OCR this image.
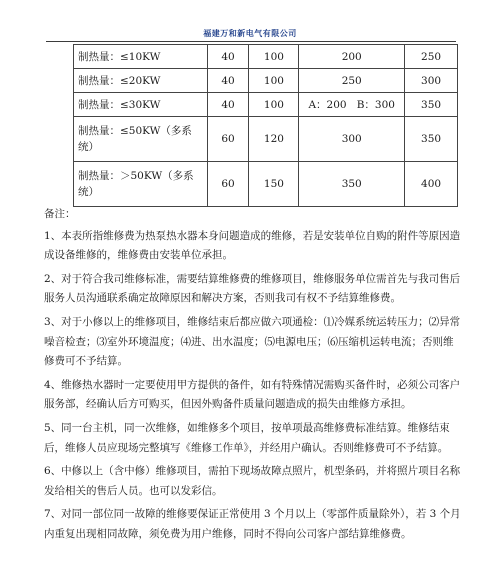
福建万和新电气有限公司
制热量：≤10KW	40	100	200	250
制热量：≤20KW	40	100	250	300
制热量：≤30KW	40	100	A：200 B：300	350
制热量：≤50KW（多系统）	60	120	300	350
制热量：＞50KW（多系统）	60	150	350	400

备注：

1、本表所指维修费为热泵热水器本身问题造成的维修，若是安装单位自购的附件等原因造成设备维修的，维修费由安装单位承担。

2、对于符合我司维修标准，需要结算维修费的维修项目，维修服务单位需首先与我司售后服务人员沟通联系确定故障原因和解决方案，否则我司有权不予结算维修费。

3、对于小修以上的维修项目，维修结束后都应做六项通检：⑴冷媒系统运转压力；⑵异常噪音检查；⑶室外环境温度；⑷进、出水温度；⑸电源电压；⑹压缩机运转电流；否则维修费可不予结算。

4、维修热水器时一定要使用甲方提供的备件，如有特殊情况需购买备件时，必须公司客户服务部，经确认后方可购买，但因外购备件质量问题造成的损失由维修方承担。

5、同一台主机，同一次维修，如维修多个项目，按单项最高维修费标准结算。维修结束后，维修人员应现场完整填写《维修工作单》，并经用户确认。否则维修费可不予结算。

6、中修以上（含中修）维修项目，需拍下现场故障点照片，机型条码，并将照片项目名称发给相关的售后人员。也可以发彩信。

7、对同一部位同一故障的维修要保证正常使用 3 个月以上（零部件质量除外），若 3 个月内重复出现相同故障，须免费为用户维修，同时不得向公司客户部结算维修费。
